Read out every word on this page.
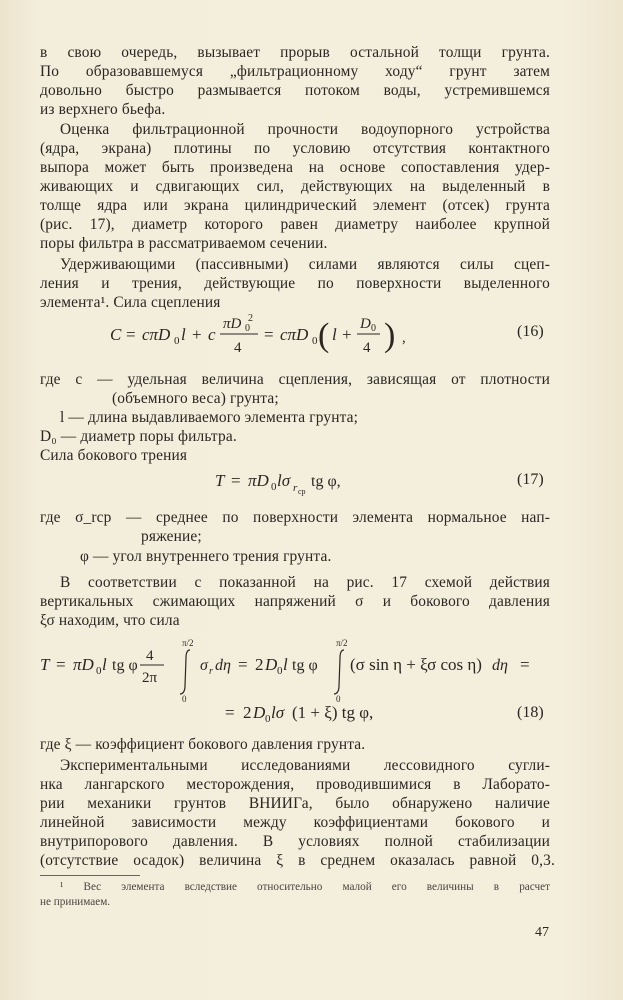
в свою очередь, вызывает прорыв остальной толщи грунта.
По образовавшемуся „фильтрационному ходу“ грунт затем
довольно быстро размывается потоком воды, устремившемся
из верхнего бьефа.
Оценка фильтрационной прочности водоупорного устройства
(ядра, экрана) плотины по условию отсутствия контактного
выпора может быть произведена на основе сопоставления удер-
живающих и сдвигающих сил, действующих на выделенный в
толще ядра или экрана цилиндрический элемент (отсек) грунта
(рис. 17), диаметр которого равен диаметру наиболее крупной
поры фильтра в рассматриваемом сечении.
Удерживающими (пассивными) силами являются силы сцеп-
ления и трения, действующие по поверхности выделенного
элемента¹. Сила сцепления
C = cπD 0 l + c
πD 0
2
4
= cπD 0 ( l +
D 0
4 ) ,	(16)
где c — удельная величина сцепления, зависящая от плотности
(объемного веса) грунта;
l — длина выдавливаемого элемента грунта;
D₀ — диаметр поры фильтра.
Сила бокового трения
T = πD 0 lσ r ср
tg φ,	(17)
где σ_rср — среднее по поверхности элемента нормальное нап-
ряжение;
φ — угол внутреннего трения грунта.
В соответствии с показанной на рис. 17 схемой действия
вертикальных сжимающих напряжений σ и бокового давления
ξσ находим, что сила
T = πD 0 l tg φ
4
2π
π/2
0
σ r dη = 2 D 0 l tg φ
π/2
0
(σ sin η + ξσ cos η) dη =
= 2 D 0 lσ (1 + ξ) tg φ,	(18)
где ξ — коэффициент бокового давления грунта.
Экспериментальными исследованиями лессовидного сугли-
нка лангарского месторождения, проводившимися в Лаборато-
рии механики грунтов ВНИИГа, было обнаружено наличие
линейной зависимости между коэффициентами бокового и
внутрипорового давления. В условиях полной стабилизации
(отсутствие осадок) величина ξ в среднем оказалась равной 0,3.
¹ Вес элемента вследствие относительно малой его величины в расчет
не принимаем.
47
